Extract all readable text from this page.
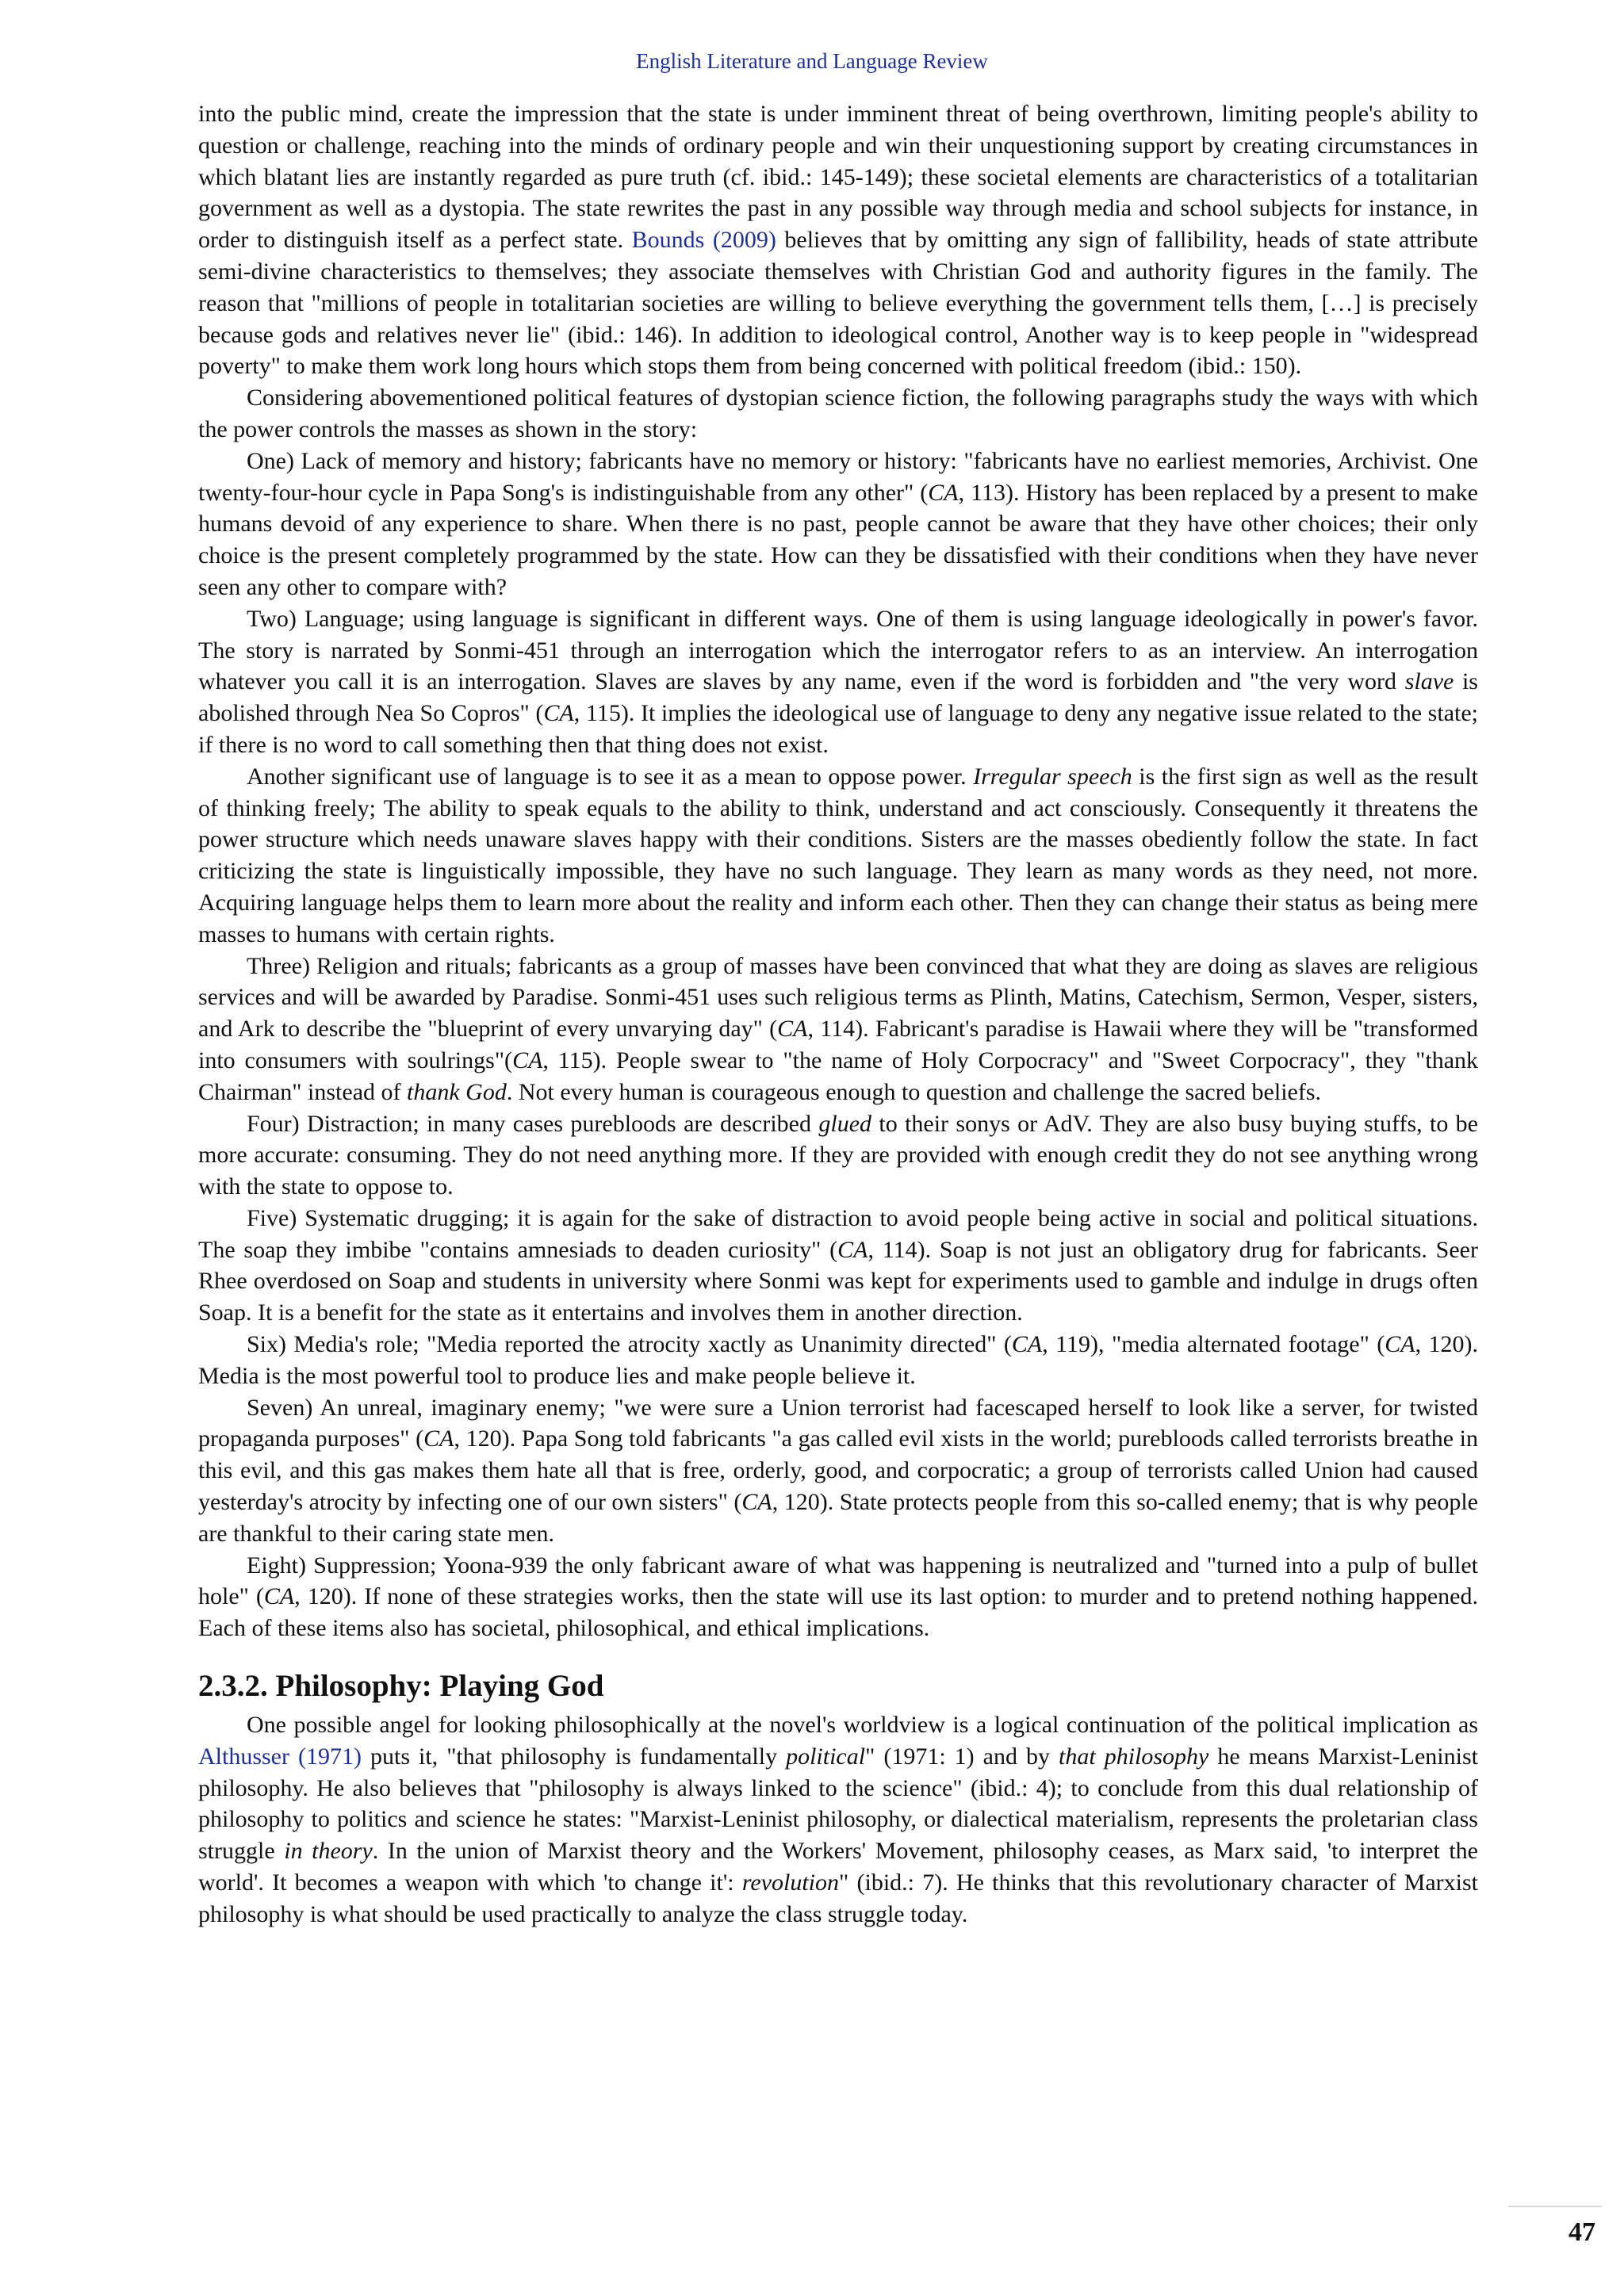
English Literature and Language Review

into the public mind, create the impression that the state is under imminent threat of being overthrown, limiting people's ability to question or challenge, reaching into the minds of ordinary people and win their unquestioning support by creating circumstances in which blatant lies are instantly regarded as pure truth (cf. ibid.: 145-149); these societal elements are characteristics of a totalitarian government as well as a dystopia. The state rewrites the past in any possible way through media and school subjects for instance, in order to distinguish itself as a perfect state. Bounds (2009) believes that by omitting any sign of fallibility, heads of state attribute semi-divine characteristics to themselves; they associate themselves with Christian God and authority figures in the family. The reason that "millions of people in totalitarian societies are willing to believe everything the government tells them, […] is precisely because gods and relatives never lie" (ibid.: 146). In addition to ideological control, Another way is to keep people in "widespread poverty" to make them work long hours which stops them from being concerned with political freedom (ibid.: 150).

Considering abovementioned political features of dystopian science fiction, the following paragraphs study the ways with which the power controls the masses as shown in the story:

One) Lack of memory and history; fabricants have no memory or history: "fabricants have no earliest memories, Archivist. One twenty-four-hour cycle in Papa Song's is indistinguishable from any other" (CA, 113). History has been replaced by a present to make humans devoid of any experience to share. When there is no past, people cannot be aware that they have other choices; their only choice is the present completely programmed by the state. How can they be dissatisfied with their conditions when they have never seen any other to compare with?

Two) Language; using language is significant in different ways. One of them is using language ideologically in power's favor. The story is narrated by Sonmi-451 through an interrogation which the interrogator refers to as an interview. An interrogation whatever you call it is an interrogation. Slaves are slaves by any name, even if the word is forbidden and "the very word slave is abolished through Nea So Copros" (CA, 115). It implies the ideological use of language to deny any negative issue related to the state; if there is no word to call something then that thing does not exist.

Another significant use of language is to see it as a mean to oppose power. Irregular speech is the first sign as well as the result of thinking freely; The ability to speak equals to the ability to think, understand and act consciously. Consequently it threatens the power structure which needs unaware slaves happy with their conditions. Sisters are the masses obediently follow the state. In fact criticizing the state is linguistically impossible, they have no such language. They learn as many words as they need, not more. Acquiring language helps them to learn more about the reality and inform each other. Then they can change their status as being mere masses to humans with certain rights.

Three) Religion and rituals; fabricants as a group of masses have been convinced that what they are doing as slaves are religious services and will be awarded by Paradise. Sonmi-451 uses such religious terms as Plinth, Matins, Catechism, Sermon, Vesper, sisters, and Ark to describe the "blueprint of every unvarying day" (CA, 114). Fabricant's paradise is Hawaii where they will be "transformed into consumers with soulrings"(CA, 115). People swear to "the name of Holy Corpocracy" and "Sweet Corpocracy", they "thank Chairman" instead of thank God. Not every human is courageous enough to question and challenge the sacred beliefs.

Four) Distraction; in many cases purebloods are described glued to their sonys or AdV. They are also busy buying stuffs, to be more accurate: consuming. They do not need anything more. If they are provided with enough credit they do not see anything wrong with the state to oppose to.

Five) Systematic drugging; it is again for the sake of distraction to avoid people being active in social and political situations. The soap they imbibe "contains amnesiads to deaden curiosity" (CA, 114). Soap is not just an obligatory drug for fabricants. Seer Rhee overdosed on Soap and students in university where Sonmi was kept for experiments used to gamble and indulge in drugs often Soap. It is a benefit for the state as it entertains and involves them in another direction.

Six) Media's role; "Media reported the atrocity xactly as Unanimity directed" (CA, 119), "media alternated footage" (CA, 120). Media is the most powerful tool to produce lies and make people believe it.

Seven) An unreal, imaginary enemy; "we were sure a Union terrorist had facescaped herself to look like a server, for twisted propaganda purposes" (CA, 120). Papa Song told fabricants "a gas called evil xists in the world; purebloods called terrorists breathe in this evil, and this gas makes them hate all that is free, orderly, good, and corpocratic; a group of terrorists called Union had caused yesterday's atrocity by infecting one of our own sisters" (CA, 120). State protects people from this so-called enemy; that is why people are thankful to their caring state men.

Eight) Suppression; Yoona-939 the only fabricant aware of what was happening is neutralized and "turned into a pulp of bullet hole" (CA, 120). If none of these strategies works, then the state will use its last option: to murder and to pretend nothing happened. Each of these items also has societal, philosophical, and ethical implications.

2.3.2. Philosophy: Playing God

One possible angel for looking philosophically at the novel's worldview is a logical continuation of the political implication as Althusser (1971) puts it, "that philosophy is fundamentally political" (1971: 1) and by that philosophy he means Marxist-Leninist philosophy. He also believes that "philosophy is always linked to the science" (ibid.: 4); to conclude from this dual relationship of philosophy to politics and science he states: "Marxist-Leninist philosophy, or dialectical materialism, represents the proletarian class struggle in theory. In the union of Marxist theory and the Workers' Movement, philosophy ceases, as Marx said, 'to interpret the world'. It becomes a weapon with which 'to change it': revolution" (ibid.: 7). He thinks that this revolutionary character of Marxist philosophy is what should be used practically to analyze the class struggle today.

47
